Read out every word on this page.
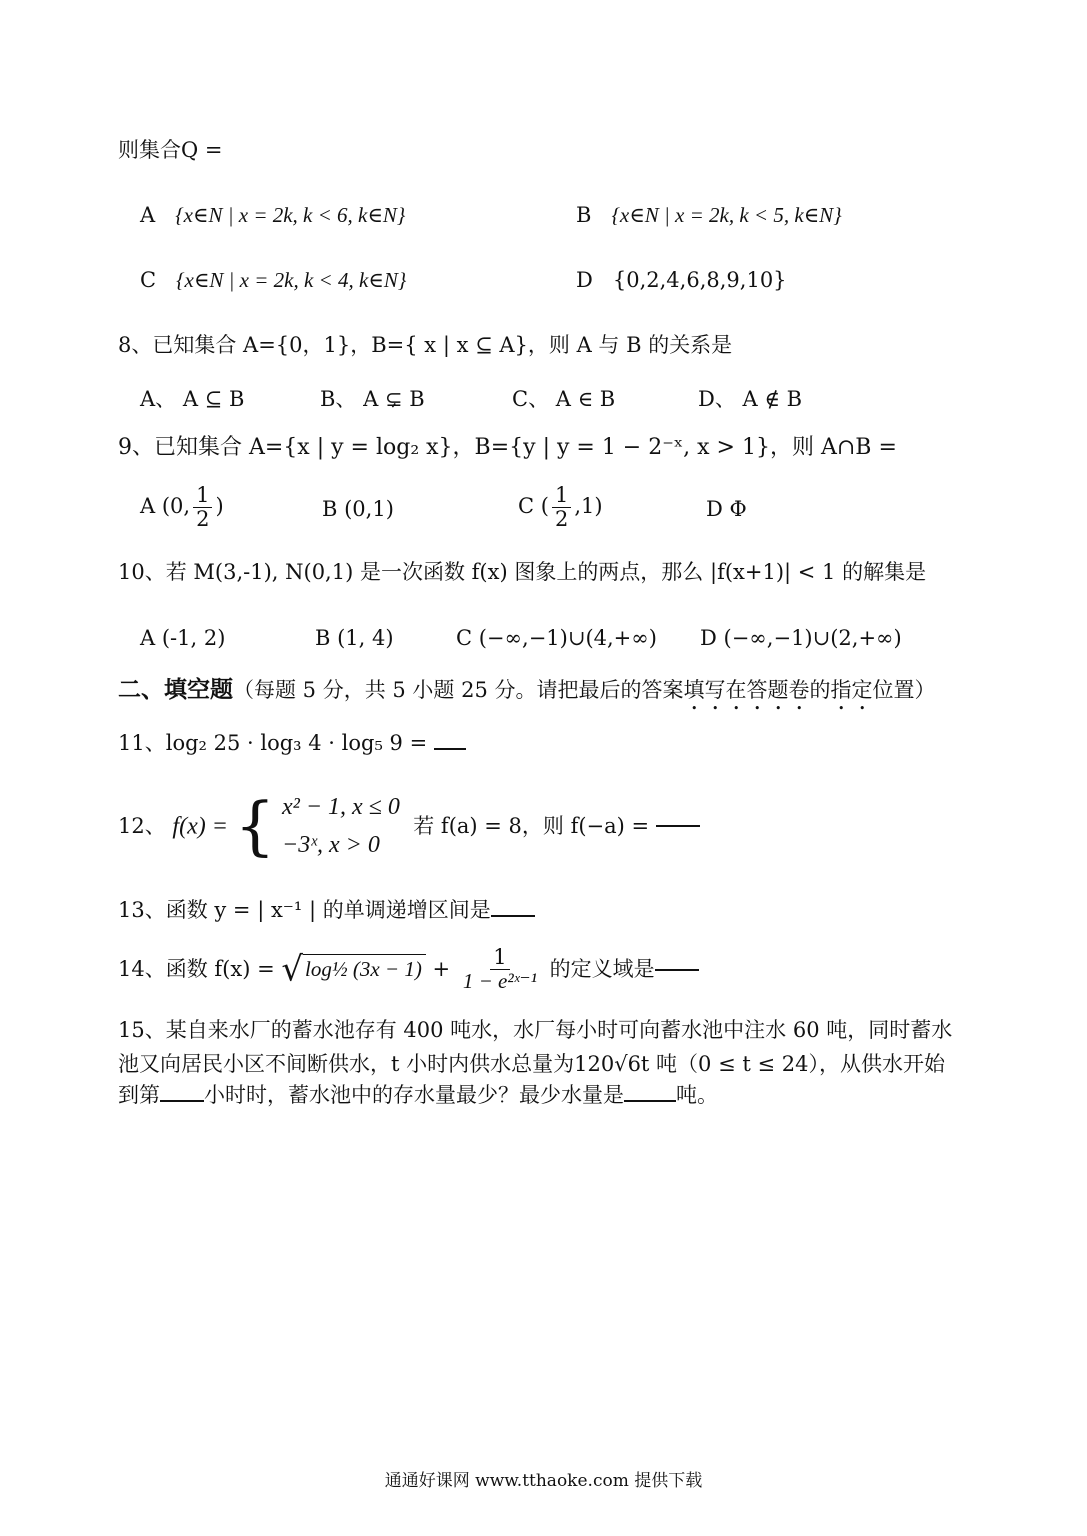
则集合Q =
A {x∈N | x = 2k, k < 6, k∈N}	B {x∈N | x = 2k, k < 5, k∈N}
C {x∈N | x = 2k, k < 4, k∈N}	D {0,2,4,6,8,9,10}
8、已知集合 A={0，1}，B={ x | x ⊆ A}，则 A 与 B 的关系是
A、 A ⊆ B	B、 A ⊊ B	C、 A ∈ B	D、 A ∉ B
9、已知集合 A={x | y = log₂ x}，B={y | y = 1 − 2⁻ˣ, x > 1}，则 A∩B =
A (0, $\frac{1}{2}$ )	B (0,1)	C ( $\frac{1}{2} ,1$)	D Φ
10、若 M(3,-1), N(0,1) 是一次函数 f(x) 图象上的两点，那么 |f(x+1)| < 1 的解集是
A (-1, 2)	B (1, 4)	C (−∞,−1)∪(4,+∞) D (−∞,−1)∪(2,+∞)
二、填空题（每题 5 分，共 5 小题 25 分。请把最后的答案填写在答题卷的指定位置）
11、log₂ 25 · log₃ 4 · log₅ 9 =
12、 f(x) = { x² − 1, x ≤ 0
−3ˣ, x > 0
若 f(a) = 8，则 f(−a) =
13、函数 y = | x⁻¹ | 的单调递增区间是
14、函数 f(x) = √log½ $(3x - 1) + \frac{1}{\text{1 − e²ˣ⁻¹}}$ 的定义域是
15、某自来水厂的蓄水池存有 400 吨水，水厂每小时可向蓄水池中注水 60 吨，同时蓄水
池又向居民小区不间断供水，t 小时内供水总量为120√6t 吨（0 ≤ t ≤ 24），从供水开始
到第 小时时，蓄水池中的存水量最少？最少水量是 吨。
通通好课网 www.tthaoke.com 提供下载
